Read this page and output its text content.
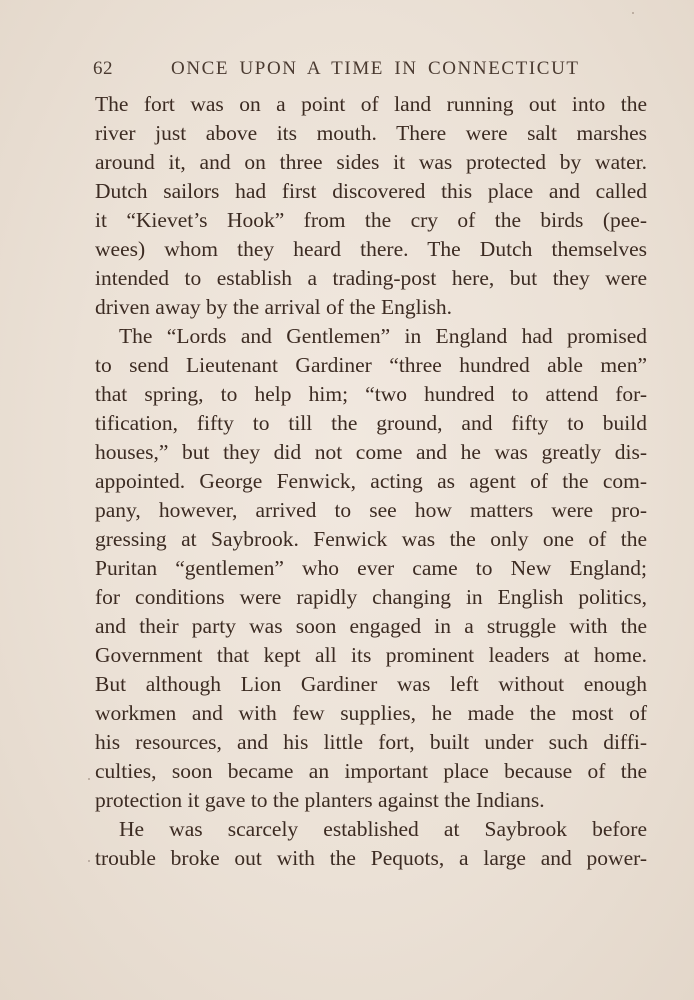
62	ONCE UPON A TIME IN CONNECTICUT
The fort was on a point of land running out into the
river just above its mouth. There were salt marshes
around it, and on three sides it was protected by water.
Dutch sailors had first discovered this place and called
it “Kievet’s Hook” from the cry of the birds (pee-
wees) whom they heard there. The Dutch themselves
intended to establish a trading-post here, but they were
driven away by the arrival of the English.
The “Lords and Gentlemen” in England had promised
to send Lieutenant Gardiner “three hundred able men”
that spring, to help him; “two hundred to attend for-
tification, fifty to till the ground, and fifty to build
houses,” but they did not come and he was greatly dis-
appointed. George Fenwick, acting as agent of the com-
pany, however, arrived to see how matters were pro-
gressing at Saybrook. Fenwick was the only one of the
Puritan “gentlemen” who ever came to New England;
for conditions were rapidly changing in English politics,
and their party was soon engaged in a struggle with the
Government that kept all its prominent leaders at home.
But although Lion Gardiner was left without enough
workmen and with few supplies, he made the most of
his resources, and his little fort, built under such diffi-
culties, soon became an important place because of the
protection it gave to the planters against the Indians.
He was scarcely established at Saybrook before
trouble broke out with the Pequots, a large and power-
